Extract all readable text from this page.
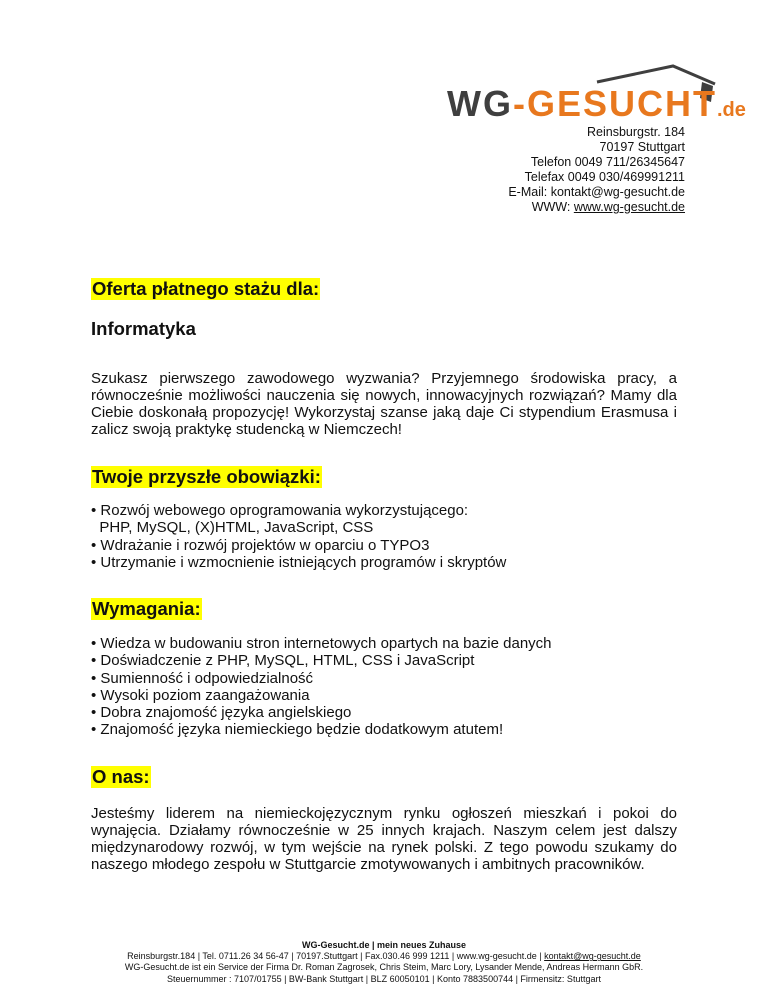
WG-GESUCHT.de
Reinsburgstr. 184
70197 Stuttgart
Telefon 0049 711/26345647
Telefax 0049 030/469991211
E-Mail: kontakt@wg-gesucht.de
WWW: www.wg-gesucht.de
Oferta płatnego stażu dla:
Informatyka
Szukasz pierwszego zawodowego wyzwania? Przyjemnego środowiska pracy, a równocześnie możliwości nauczenia się nowych, innowacyjnych rozwiązań? Mamy dla Ciebie doskonałą propozycję! Wykorzystaj szanse jaką daje Ci stypendium Erasmusa i zalicz swoją praktykę studencką w Niemczech!
Twoje przyszłe obowiązki:
• Rozwój webowego oprogramowania wykorzystującego:
PHP, MySQL, (X)HTML, JavaScript, CSS
• Wdrażanie i rozwój projektów w oparciu o TYPO3
• Utrzymanie i wzmocnienie istniejących programów i skryptów
Wymagania:
• Wiedza w budowaniu stron internetowych opartych na bazie danych
• Doświadczenie z PHP, MySQL, HTML, CSS i JavaScript
• Sumienność i odpowiedzialność
• Wysoki poziom zaangażowania
• Dobra znajomość języka angielskiego
• Znajomość języka niemieckiego będzie dodatkowym atutem!
O nas:
Jesteśmy liderem na niemieckojęzycznym rynku ogłoszeń mieszkań i pokoi do wynajęcia. Działamy równocześnie w 25 innych krajach. Naszym celem jest dalszy międzynarodowy rozwój, w tym wejście na rynek polski. Z tego powodu szukamy do naszego młodego zespołu w Stuttgarcie zmotywowanych i ambitnych pracowników.
WG-Gesucht.de | mein neues Zuhause
Reinsburgstr.184 | Tel. 0711.26 34 56-47 | 70197.Stuttgart | Fax.030.46 999 1211 | www.wg-gesucht.de | kontakt@wg-gesucht.de
WG-Gesucht.de ist ein Service der Firma Dr. Roman Zagrosek, Chris Steim, Marc Lory, Lysander Mende, Andreas Hermann GbR.
Steuernummer : 7107/01755 | BW-Bank Stuttgart | BLZ 60050101 | Konto 7883500744 | Firmensitz: Stuttgart
